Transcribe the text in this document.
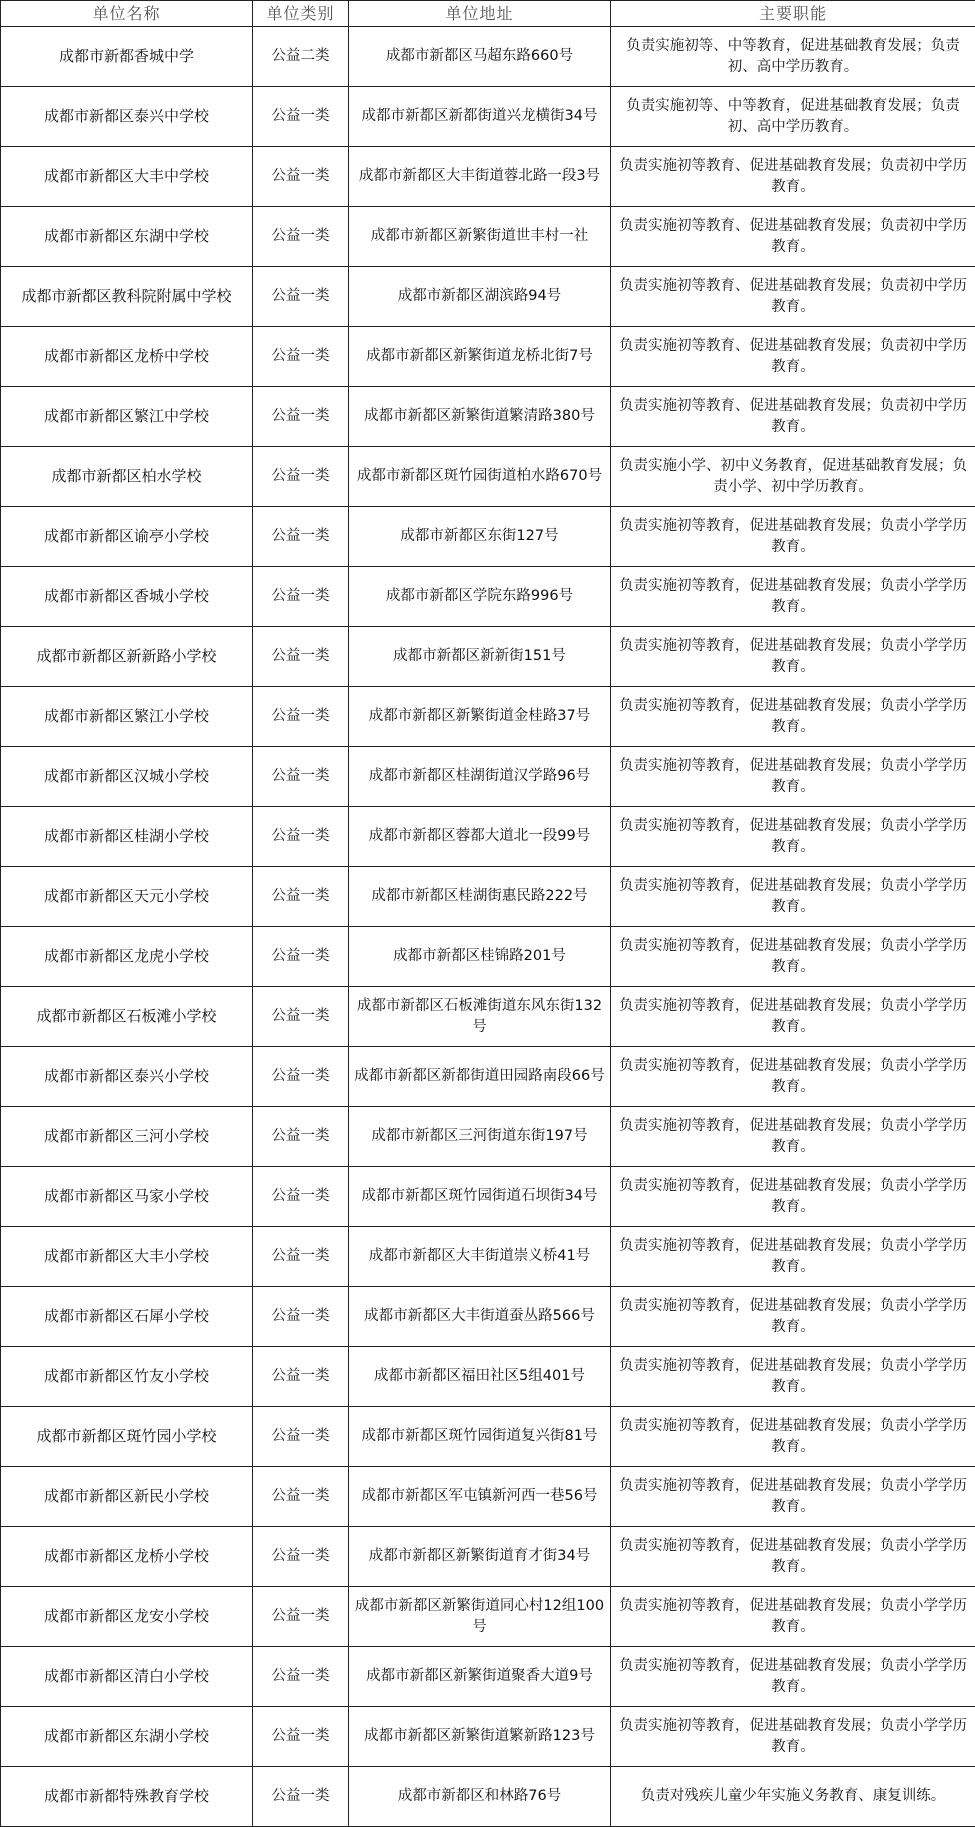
单位名称	单位类别	单位地址	主要职能
成都市新都香城中学	公益二类	成都市新都区马超东路660号	负责实施初等、中等教育，促进基础教育发展；负责初、高中学历教育。
成都市新都区泰兴中学校	公益一类	成都市新都区新都街道兴龙横街34号	负责实施初等、中等教育，促进基础教育发展；负责初、高中学历教育。
成都市新都区大丰中学校	公益一类	成都市新都区大丰街道蓉北路一段3号	负责实施初等教育、促进基础教育发展；负责初中学历教育。
成都市新都区东湖中学校	公益一类	成都市新都区新繁街道世丰村一社	负责实施初等教育、促进基础教育发展；负责初中学历教育。
成都市新都区教科院附属中学校	公益一类	成都市新都区湖滨路94号	负责实施初等教育、促进基础教育发展；负责初中学历教育。
成都市新都区龙桥中学校	公益一类	成都市新都区新繁街道龙桥北街7号	负责实施初等教育、促进基础教育发展；负责初中学历教育。
成都市新都区繁江中学校	公益一类	成都市新都区新繁街道繁清路380号	负责实施初等教育、促进基础教育发展；负责初中学历教育。
成都市新都区柏水学校	公益一类	成都市新都区斑竹园街道柏水路670号	负责实施小学、初中义务教育，促进基础教育发展；负责小学、初中学历教育。
成都市新都区谕亭小学校	公益一类	成都市新都区东街127号	负责实施初等教育，促进基础教育发展；负责小学学历教育。
成都市新都区香城小学校	公益一类	成都市新都区学院东路996号	负责实施初等教育，促进基础教育发展；负责小学学历教育。
成都市新都区新新路小学校	公益一类	成都市新都区新新街151号	负责实施初等教育，促进基础教育发展；负责小学学历教育。
成都市新都区繁江小学校	公益一类	成都市新都区新繁街道金桂路37号	负责实施初等教育，促进基础教育发展；负责小学学历教育。
成都市新都区汉城小学校	公益一类	成都市新都区桂湖街道汉学路96号	负责实施初等教育，促进基础教育发展；负责小学学历教育。
成都市新都区桂湖小学校	公益一类	成都市新都区蓉都大道北一段99号	负责实施初等教育，促进基础教育发展；负责小学学历教育。
成都市新都区天元小学校	公益一类	成都市新都区桂湖街惠民路222号	负责实施初等教育，促进基础教育发展；负责小学学历教育。
成都市新都区龙虎小学校	公益一类	成都市新都区桂锦路201号	负责实施初等教育，促进基础教育发展；负责小学学历教育。
成都市新都区石板滩小学校	公益一类	成都市新都区石板滩街道东风东街132号	负责实施初等教育，促进基础教育发展；负责小学学历教育。
成都市新都区泰兴小学校	公益一类	成都市新都区新都街道田园路南段66号	负责实施初等教育，促进基础教育发展；负责小学学历教育。
成都市新都区三河小学校	公益一类	成都市新都区三河街道东街197号	负责实施初等教育，促进基础教育发展；负责小学学历教育。
成都市新都区马家小学校	公益一类	成都市新都区斑竹园街道石坝街34号	负责实施初等教育，促进基础教育发展；负责小学学历教育。
成都市新都区大丰小学校	公益一类	成都市新都区大丰街道崇义桥41号	负责实施初等教育，促进基础教育发展；负责小学学历教育。
成都市新都区石犀小学校	公益一类	成都市新都区大丰街道蚕丛路566号	负责实施初等教育，促进基础教育发展；负责小学学历教育。
成都市新都区竹友小学校	公益一类	成都市新都区福田社区5组401号	负责实施初等教育，促进基础教育发展；负责小学学历教育。
成都市新都区斑竹园小学校	公益一类	成都市新都区斑竹园街道复兴街81号	负责实施初等教育，促进基础教育发展；负责小学学历教育。
成都市新都区新民小学校	公益一类	成都市新都区军屯镇新河西一巷56号	负责实施初等教育，促进基础教育发展；负责小学学历教育。
成都市新都区龙桥小学校	公益一类	成都市新都区新繁街道育才街34号	负责实施初等教育，促进基础教育发展；负责小学学历教育。
成都市新都区龙安小学校	公益一类	成都市新都区新繁街道同心村12组100号	负责实施初等教育，促进基础教育发展；负责小学学历教育。
成都市新都区清白小学校	公益一类	成都市新都区新繁街道聚香大道9号	负责实施初等教育，促进基础教育发展；负责小学学历教育。
成都市新都区东湖小学校	公益一类	成都市新都区新繁街道繁新路123号	负责实施初等教育，促进基础教育发展；负责小学学历教育。
成都市新都特殊教育学校	公益一类	成都市新都区和林路76号	负责对残疾儿童少年实施义务教育、康复训练。
